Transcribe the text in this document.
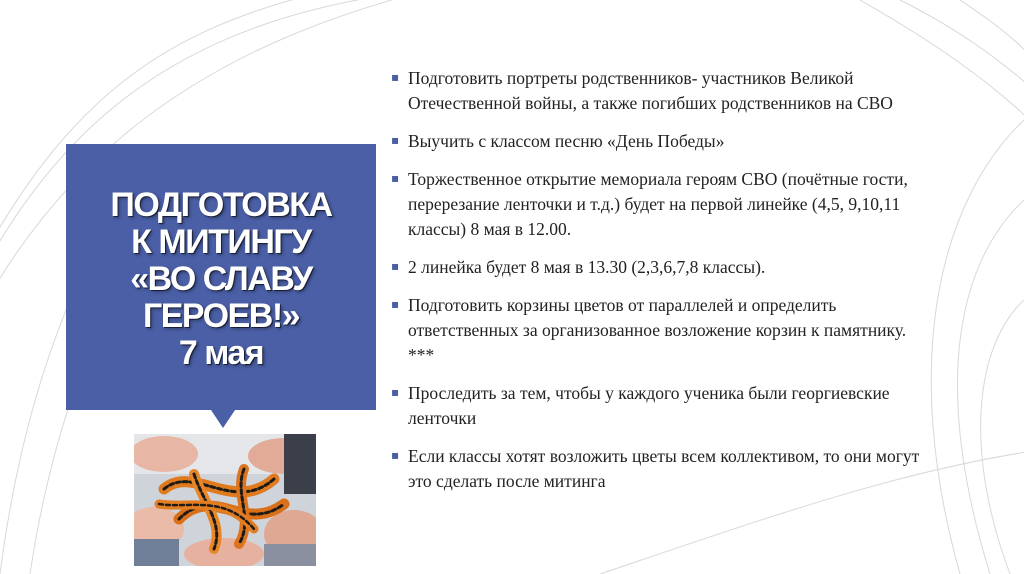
ПОДГОТОВКА
К МИТИНГУ
«ВО СЛАВУ
ГЕРОЕВ!»
7 мая
▪ Подготовить портреты родственников- участников Великой
Отечественной войны, а также погибших родственников на СВО
▪ Выучить с классом песню «День Победы»
▪ Торжественное открытие мемориала героям СВО (почётные гости,
перерезание ленточки и т.д.) будет на первой линейке (4,5, 9,10,11
классы) 8 мая в 12.00.
▪ 2 линейка будет 8 мая в 13.30 (2,3,6,7,8 классы).
▪ Подготовить корзины цветов от параллелей и определить
ответственных за организованное возложение корзин к памятнику.
***
▪ Проследить за тем, чтобы у каждого ученика были георгиевские
ленточки
▪ Если классы хотят возложить цветы всем коллективом, то они могут
это сделать после митинга
